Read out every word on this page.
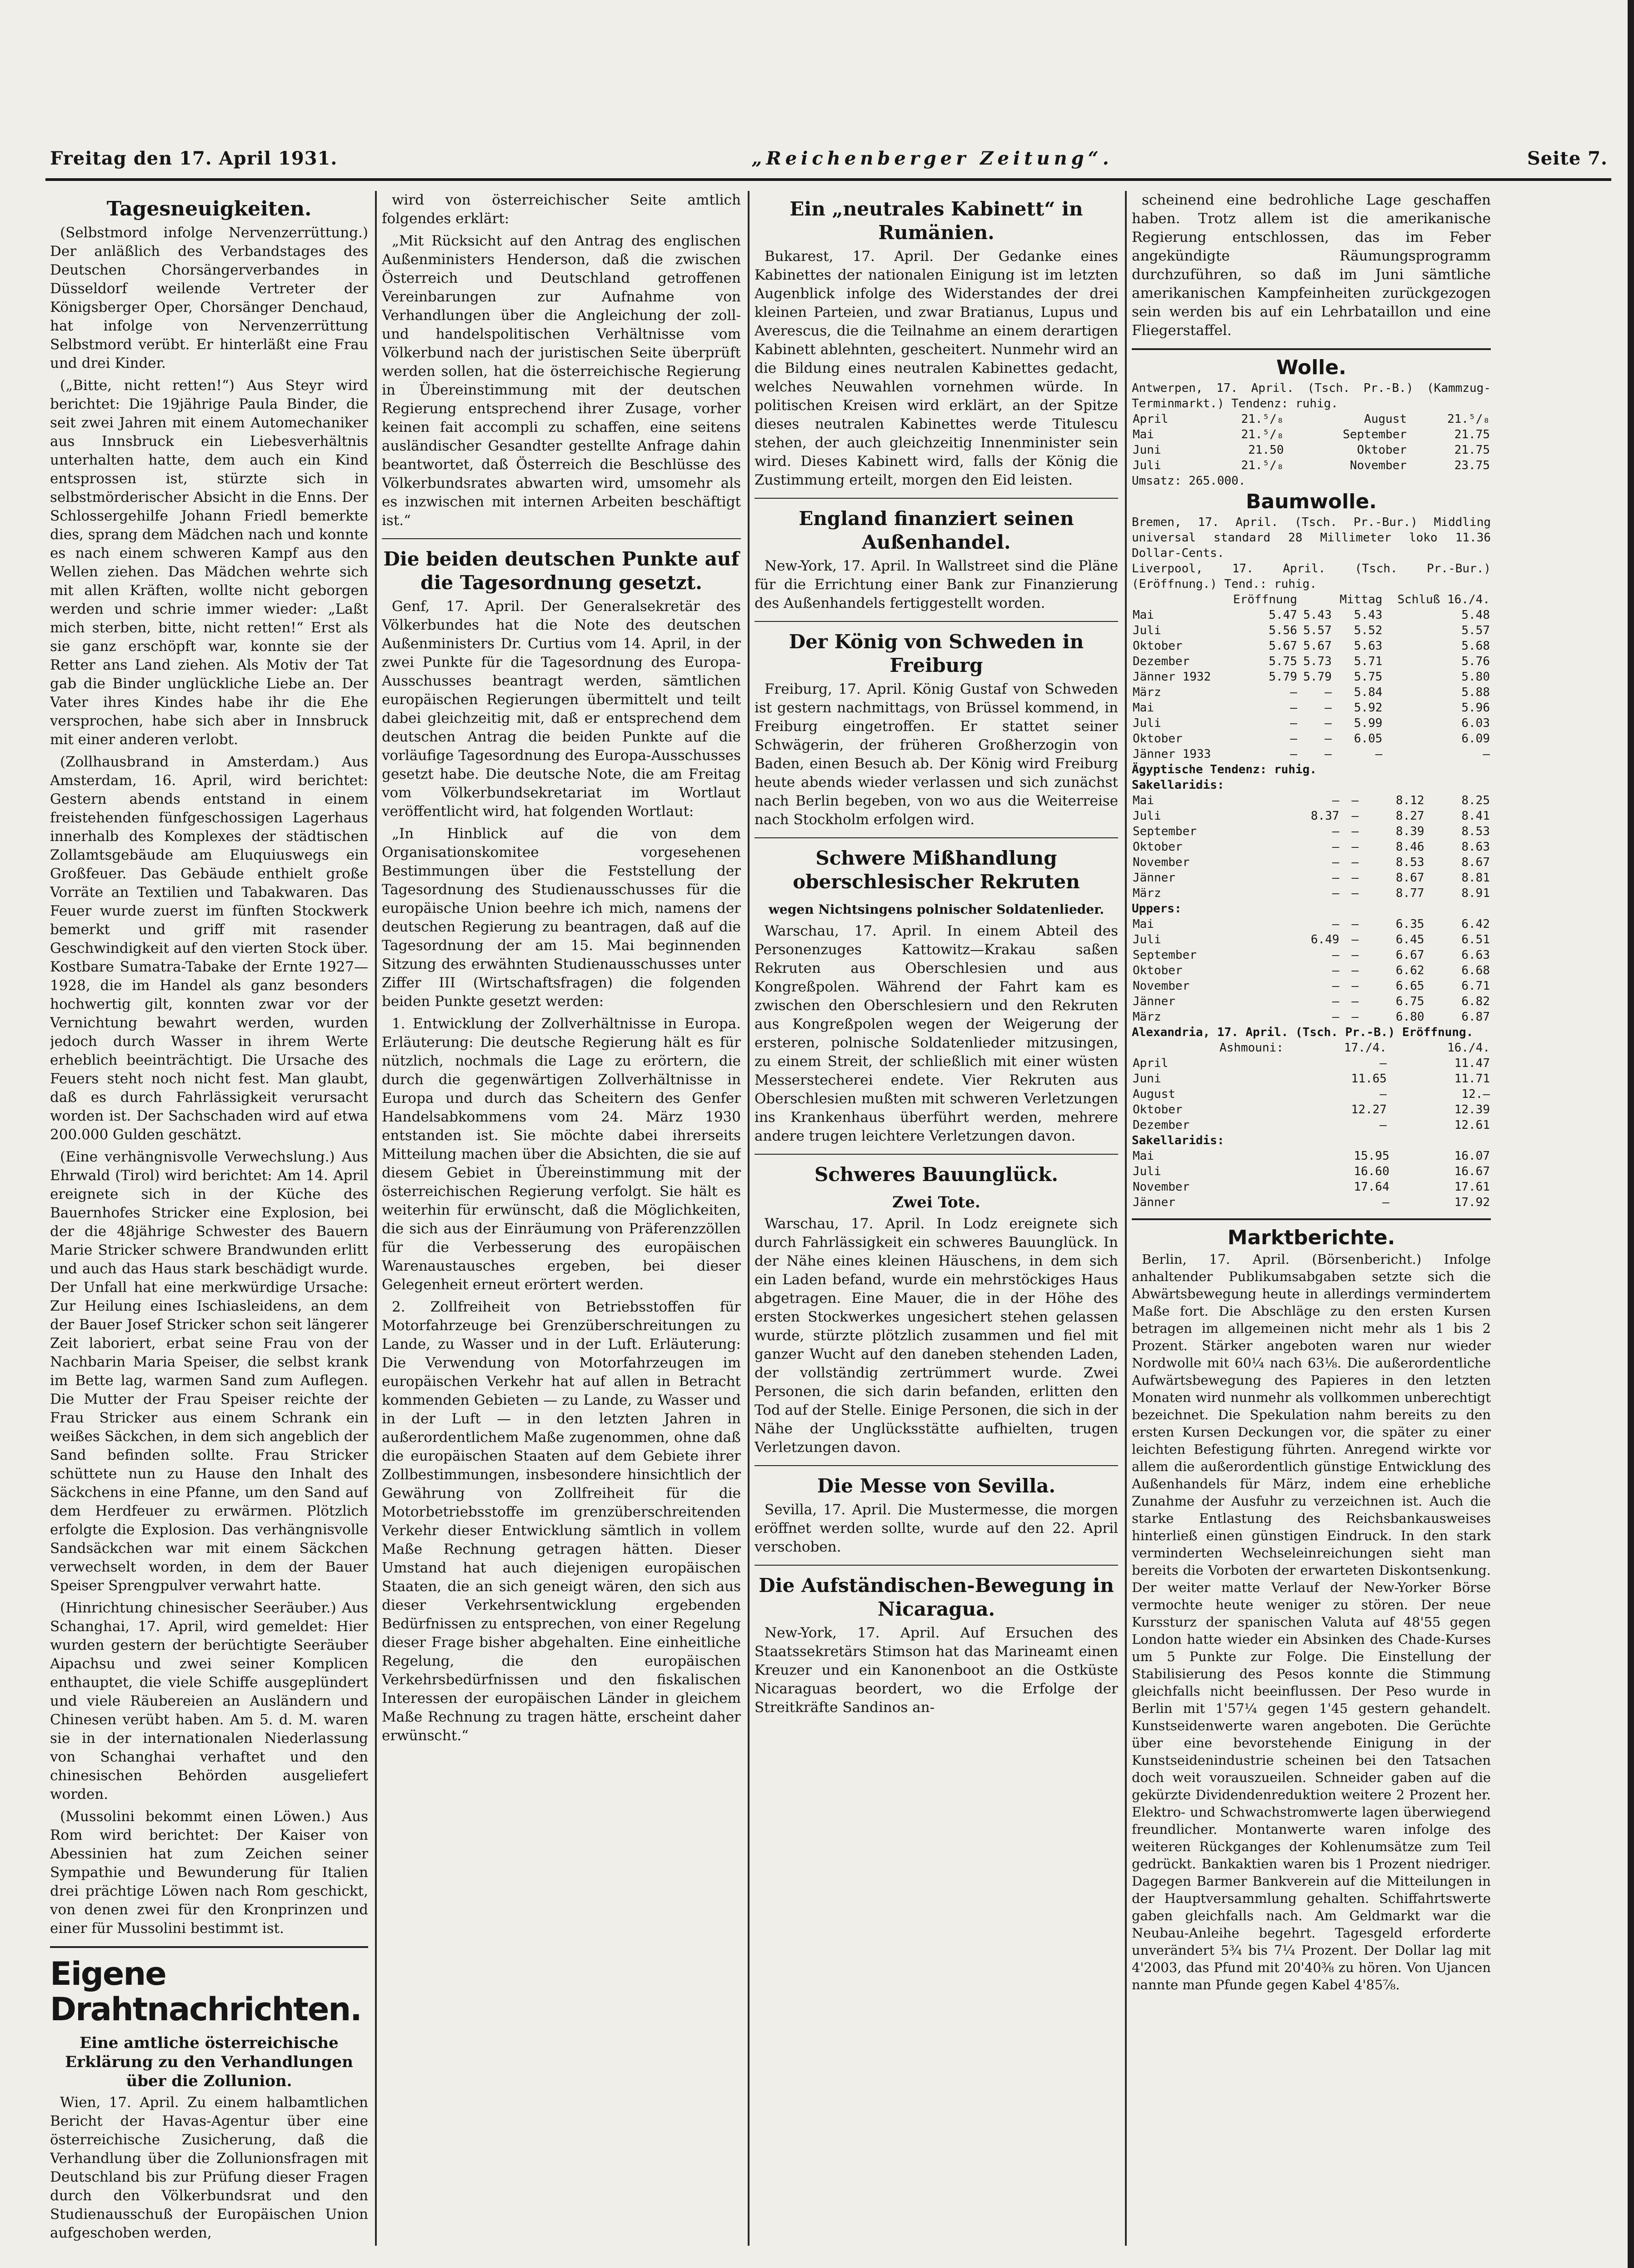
Freitag den 17. April 1931.	„Reichenberger Zeitung“.	Seite 7.
Tagesneuigkeiten.

(Selbstmord infolge Nervenzerrüttung.) Der anläßlich des Verbandstages des Deutschen Chorsängerverbandes in Düsseldorf weilende Vertreter der Königsberger Oper, Chorsänger Denchaud, hat infolge von Nervenzerrüttung Selbstmord verübt. Er hinterläßt eine Frau und drei Kinder.

(„Bitte, nicht retten!“) Aus Steyr wird berichtet: Die 19jährige Paula Binder, die seit zwei Jahren mit einem Automechaniker aus Innsbruck ein Liebesverhältnis unterhalten hatte, dem auch ein Kind entsprossen ist, stürzte sich in selbstmörderischer Absicht in die Enns. Der Schlossergehilfe Johann Friedl bemerkte dies, sprang dem Mädchen nach und konnte es nach einem schweren Kampf aus den Wellen ziehen. Das Mädchen wehrte sich mit allen Kräften, wollte nicht geborgen werden und schrie immer wieder: „Laßt mich sterben, bitte, nicht retten!“ Erst als sie ganz erschöpft war, konnte sie der Retter ans Land ziehen. Als Motiv der Tat gab die Binder unglückliche Liebe an. Der Vater ihres Kindes habe ihr die Ehe versprochen, habe sich aber in Innsbruck mit einer anderen verlobt.

(Zollhausbrand in Amsterdam.) Aus Amsterdam, 16. April, wird berichtet: Gestern abends entstand in einem freistehenden fünfgeschossigen Lagerhaus innerhalb des Komplexes der städtischen Zollamtsgebäude am Eluquiuswegs ein Großfeuer. Das Gebäude enthielt große Vorräte an Textilien und Tabakwaren. Das Feuer wurde zuerst im fünften Stockwerk bemerkt und griff mit rasender Geschwindigkeit auf den vierten Stock über. Kostbare Sumatra-Tabake der Ernte 1927—1928, die im Handel als ganz besonders hochwertig gilt, konnten zwar vor der Vernichtung bewahrt werden, wurden jedoch durch Wasser in ihrem Werte erheblich beeinträchtigt. Die Ursache des Feuers steht noch nicht fest. Man glaubt, daß es durch Fahrlässigkeit verursacht worden ist. Der Sachschaden wird auf etwa 200.000 Gulden geschätzt.

(Eine verhängnisvolle Verwechslung.) Aus Ehrwald (Tirol) wird berichtet: Am 14. April ereignete sich in der Küche des Bauernhofes Stricker eine Explosion, bei der die 48jährige Schwester des Bauern Marie Stricker schwere Brandwunden erlitt und auch das Haus stark beschädigt wurde. Der Unfall hat eine merkwürdige Ursache: Zur Heilung eines Ischiasleidens, an dem der Bauer Josef Stricker schon seit längerer Zeit laboriert, erbat seine Frau von der Nachbarin Maria Speiser, die selbst krank im Bette lag, warmen Sand zum Auflegen. Die Mutter der Frau Speiser reichte der Frau Stricker aus einem Schrank ein weißes Säckchen, in dem sich angeblich der Sand befinden sollte. Frau Stricker schüttete nun zu Hause den Inhalt des Säckchens in eine Pfanne, um den Sand auf dem Herdfeuer zu erwärmen. Plötzlich erfolgte die Explosion. Das verhängnisvolle Sandsäckchen war mit einem Säckchen verwechselt worden, in dem der Bauer Speiser Sprengpulver verwahrt hatte.

(Hinrichtung chinesischer Seeräuber.) Aus Schanghai, 17. April, wird gemeldet: Hier wurden gestern der berüchtigte Seeräuber Aipachsu und zwei seiner Komplicen enthauptet, die viele Schiffe ausgeplündert und viele Räubereien an Ausländern und Chinesen verübt haben. Am 5. d. M. waren sie in der internationalen Niederlassung von Schanghai verhaftet und den chinesischen Behörden ausgeliefert worden.

(Mussolini bekommt einen Löwen.) Aus Rom wird berichtet: Der Kaiser von Abessinien hat zum Zeichen seiner Sympathie und Bewunderung für Italien drei prächtige Löwen nach Rom geschickt, von denen zwei für den Kronprinzen und einer für Mussolini bestimmt ist.

Eigene Drahtnachrichten.
Eine amtliche österreichische Erklärung zu den Verhandlungen über die Zollunion.

Wien, 17. April. Zu einem halbamtlichen Bericht der Havas-Agentur über eine österreichische Zusicherung, daß die Verhandlung über die Zollunionsfragen mit Deutschland bis zur Prüfung dieser Fragen durch den Völkerbundsrat und den Studienausschuß der Europäischen Union aufgeschoben werden,

wird von österreichischer Seite amtlich folgendes erklärt:

„Mit Rücksicht auf den Antrag des englischen Außenministers Henderson, daß die zwischen Österreich und Deutschland getroffenen Vereinbarungen zur Aufnahme von Verhandlungen über die Angleichung der zoll- und handelspolitischen Verhältnisse vom Völkerbund nach der juristischen Seite überprüft werden sollen, hat die österreichische Regierung in Übereinstimmung mit der deutschen Regierung entsprechend ihrer Zusage, vorher keinen fait accompli zu schaffen, eine seitens ausländischer Gesandter gestellte Anfrage dahin beantwortet, daß Österreich die Beschlüsse des Völkerbundsrates abwarten wird, umsomehr als es inzwischen mit internen Arbeiten beschäftigt ist.“

Die beiden deutschen Punkte auf die Tagesordnung gesetzt.

Genf, 17. April. Der Generalsekretär des Völkerbundes hat die Note des deutschen Außenministers Dr. Curtius vom 14. April, in der zwei Punkte für die Tagesordnung des Europa-Ausschusses beantragt werden, sämtlichen europäischen Regierungen übermittelt und teilt dabei gleichzeitig mit, daß er entsprechend dem deutschen Antrag die beiden Punkte auf die vorläufige Tagesordnung des Europa-Ausschusses gesetzt habe. Die deutsche Note, die am Freitag vom Völkerbundsekretariat im Wortlaut veröffentlicht wird, hat folgenden Wortlaut:

„In Hinblick auf die von dem Organisationskomitee vorgesehenen Bestimmungen über die Feststellung der Tagesordnung des Studienausschusses für die europäische Union beehre ich mich, namens der deutschen Regierung zu beantragen, daß auf die Tagesordnung der am 15. Mai beginnenden Sitzung des erwähnten Studienausschusses unter Ziffer III (Wirtschaftsfragen) die folgenden beiden Punkte gesetzt werden:

1. Entwicklung der Zollverhältnisse in Europa. Erläuterung: Die deutsche Regierung hält es für nützlich, nochmals die Lage zu erörtern, die durch die gegenwärtigen Zollverhältnisse in Europa und durch das Scheitern des Genfer Handelsabkommens vom 24. März 1930 entstanden ist. Sie möchte dabei ihrerseits Mitteilung machen über die Absichten, die sie auf diesem Gebiet in Übereinstimmung mit der österreichischen Regierung verfolgt. Sie hält es weiterhin für erwünscht, daß die Möglichkeiten, die sich aus der Einräumung von Präferenzzöllen für die Verbesserung des europäischen Warenaustausches ergeben, bei dieser Gelegenheit erneut erörtert werden.

2. Zollfreiheit von Betriebsstoffen für Motorfahrzeuge bei Grenzüberschreitungen zu Lande, zu Wasser und in der Luft. Erläuterung: Die Verwendung von Motorfahrzeugen im europäischen Verkehr hat auf allen in Betracht kommenden Gebieten — zu Lande, zu Wasser und in der Luft — in den letzten Jahren in außerordentlichem Maße zugenommen, ohne daß die europäischen Staaten auf dem Gebiete ihrer Zollbestimmungen, insbesondere hinsichtlich der Gewährung von Zollfreiheit für die Motorbetriebsstoffe im grenzüberschreitenden Verkehr dieser Entwicklung sämtlich in vollem Maße Rechnung getragen hätten. Dieser Umstand hat auch diejenigen europäischen Staaten, die an sich geneigt wären, den sich aus dieser Verkehrsentwicklung ergebenden Bedürfnissen zu entsprechen, von einer Regelung dieser Frage bisher abgehalten. Eine einheitliche Regelung, die den europäischen Verkehrsbedürfnissen und den fiskalischen Interessen der europäischen Länder in gleichem Maße Rechnung zu tragen hätte, erscheint daher erwünscht.“

Ein „neutrales Kabinett“ in Rumänien.

Bukarest, 17. April. Der Gedanke eines Kabinettes der nationalen Einigung ist im letzten Augenblick infolge des Widerstandes der drei kleinen Parteien, und zwar Bratianus, Lupus und Averescus, die die Teilnahme an einem derartigen Kabinett ablehnten, gescheitert. Nunmehr wird an die Bildung eines neutralen Kabinettes gedacht, welches Neuwahlen vornehmen würde. In politischen Kreisen wird erklärt, an der Spitze dieses neutralen Kabinettes werde Titulescu stehen, der auch gleichzeitig Innenminister sein wird. Dieses Kabinett wird, falls der König die Zustimmung erteilt, morgen den Eid leisten.

England finanziert seinen Außenhandel.

New-York, 17. April. In Wallstreet sind die Pläne für die Errichtung einer Bank zur Finanzierung des Außenhandels fertiggestellt worden.

Der König von Schweden in Freiburg

Freiburg, 17. April. König Gustaf von Schweden ist gestern nachmittags, von Brüssel kommend, in Freiburg eingetroffen. Er stattet seiner Schwägerin, der früheren Großherzogin von Baden, einen Besuch ab. Der König wird Freiburg heute abends wieder verlassen und sich zunächst nach Berlin begeben, von wo aus die Weiterreise nach Stockholm erfolgen wird.

Schwere Mißhandlung oberschlesischer Rekruten
wegen Nichtsingens polnischer Soldatenlieder.

Warschau, 17. April. In einem Abteil des Personenzuges Kattowitz—Krakau saßen Rekruten aus Oberschlesien und aus Kongreßpolen. Während der Fahrt kam es zwischen den Oberschlesiern und den Rekruten aus Kongreßpolen wegen der Weigerung der ersteren, polnische Soldatenlieder mitzusingen, zu einem Streit, der schließlich mit einer wüsten Messerstecherei endete. Vier Rekruten aus Oberschlesien mußten mit schweren Verletzungen ins Krankenhaus überführt werden, mehrere andere trugen leichtere Verletzungen davon.

Schweres Bauunglück.
Zwei Tote.

Warschau, 17. April. In Lodz ereignete sich durch Fahrlässigkeit ein schweres Bauunglück. In der Nähe eines kleinen Häuschens, in dem sich ein Laden befand, wurde ein mehrstöckiges Haus abgetragen. Eine Mauer, die in der Höhe des ersten Stockwerkes ungesichert stehen gelassen wurde, stürzte plötzlich zusammen und fiel mit ganzer Wucht auf den daneben stehenden Laden, der vollständig zertrümmert wurde. Zwei Personen, die sich darin befanden, erlitten den Tod auf der Stelle. Einige Personen, die sich in der Nähe der Unglücksstätte aufhielten, trugen Verletzungen davon.

Die Messe von Sevilla.

Sevilla, 17. April. Die Mustermesse, die morgen eröffnet werden sollte, wurde auf den 22. April verschoben.

Die Aufständischen-Bewegung in Nicaragua.

New-York, 17. April. Auf Ersuchen des Staatssekretärs Stimson hat das Marineamt einen Kreuzer und ein Kanonenboot an die Ostküste Nicaraguas beordert, wo die Erfolge der Streitkräfte Sandinos an-

scheinend eine bedrohliche Lage geschaffen haben. Trotz allem ist die amerikanische Regierung entschlossen, das im Feber angekündigte Räumungsprogramm durchzuführen, so daß im Juni sämtliche amerikanischen Kampfeinheiten zurückgezogen sein werden bis auf ein Lehrbataillon und eine Fliegerstaffel.

Wolle.
Antwerpen, 17. April. (Tsch. Pr.-B.) (Kammzug-Terminmarkt.) Tendenz: ruhig.
April	21.⁵/₈	August	21.⁵/₈
Mai	21.⁵/₈	September	21.75
Juni	21.50	Oktober	21.75
Juli	21.⁵/₈	November	23.75
Umsatz: 265.000.
Baumwolle.
Bremen, 17. April. (Tsch. Pr.-Bur.) Middling universal standard 28 Millimeter loko 11.36 Dollar-Cents.
Liverpool, 17. April. (Tsch. Pr.-Bur.) (Eröffnung.) Tend.: ruhig.
	Eröffnung		Mittag	Schluß 16./4.
Mai	5.47	5.43	5.43	5.48
Juli	5.56	5.57	5.52	5.57
Oktober	5.67	5.67	5.63	5.68
Dezember	5.75	5.73	5.71	5.76
Jänner 1932	5.79	5.79	5.75	5.80
März	—	—	5.84	5.88
Mai	—	—	5.92	5.96
Juli	—	—	5.99	6.03
Oktober	—	—	6.05	6.09
Jänner 1933	—	—	—	—
Ägyptische Tendenz: ruhig.
Sakellaridis:
Mai	—	—	8.12	8.25
Juli	8.37	—	8.27	8.41
September	—	—	8.39	8.53
Oktober	—	—	8.46	8.63
November	—	—	8.53	8.67
Jänner	—	—	8.67	8.81
März	—	—	8.77	8.91
Uppers:
Mai	—	—	6.35	6.42
Juli	6.49	—	6.45	6.51
September	—	—	6.67	6.63
Oktober	—	—	6.62	6.68
November	—	—	6.65	6.71
Jänner	—	—	6.75	6.82
März	—	—	6.80	6.87
Alexandria, 17. April. (Tsch. Pr.-B.) Eröffnung.
Ashmouni:	17./4.	16./4.
April	—	11.47
Juni	11.65	11.71
August	—	12.—
Oktober	12.27	12.39
Dezember	—	12.61
Sakellaridis:
Mai	15.95	16.07
Juli	16.60	16.67
November	17.64	17.61
Jänner	—	17.92
Marktberichte.

Berlin, 17. April. (Börsenbericht.) Infolge anhaltender Publikumsabgaben setzte sich die Abwärtsbewegung heute in allerdings vermindertem Maße fort. Die Abschläge zu den ersten Kursen betragen im allgemeinen nicht mehr als 1 bis 2 Prozent. Stärker angeboten waren nur wieder Nordwolle mit 60¼ nach 63⅛. Die außerordentliche Aufwärtsbewegung des Papieres in den letzten Monaten wird nunmehr als vollkommen unberechtigt bezeichnet. Die Spekulation nahm bereits zu den ersten Kursen Deckungen vor, die später zu einer leichten Befestigung führten. Anregend wirkte vor allem die außerordentlich günstige Entwicklung des Außenhandels für März, indem eine erhebliche Zunahme der Ausfuhr zu verzeichnen ist. Auch die starke Entlastung des Reichsbankausweises hinterließ einen günstigen Eindruck. In den stark verminderten Wechseleinreichungen sieht man bereits die Vorboten der erwarteten Diskontsenkung. Der weiter matte Verlauf der New-Yorker Börse vermochte heute weniger zu stören. Der neue Kurssturz der spanischen Valuta auf 48'55 gegen London hatte wieder ein Absinken des Chade-Kurses um 5 Punkte zur Folge. Die Einstellung der Stabilisierung des Pesos konnte die Stimmung gleichfalls nicht beeinflussen. Der Peso wurde in Berlin mit 1'57¼ gegen 1'45 gestern gehandelt. Kunstseidenwerte waren angeboten. Die Gerüchte über eine bevorstehende Einigung in der Kunstseidenindustrie scheinen bei den Tatsachen doch weit vorauszueilen. Schneider gaben auf die gekürzte Dividendenreduktion weitere 2 Prozent her. Elektro- und Schwachstromwerte lagen überwiegend freundlicher. Montanwerte waren infolge des weiteren Rückganges der Kohlenumsätze zum Teil gedrückt. Bankaktien waren bis 1 Prozent niedriger. Dagegen Barmer Bankverein auf die Mitteilungen in der Hauptversammlung gehalten. Schiffahrtswerte gaben gleichfalls nach. Am Geldmarkt war die Neubau-Anleihe begehrt. Tagesgeld erforderte unverändert 5¾ bis 7¼ Prozent. Der Dollar lag mit 4'2003, das Pfund mit 20'40⅜ zu hören. Von Ujancen nannte man Pfunde gegen Kabel 4'85⅞.
